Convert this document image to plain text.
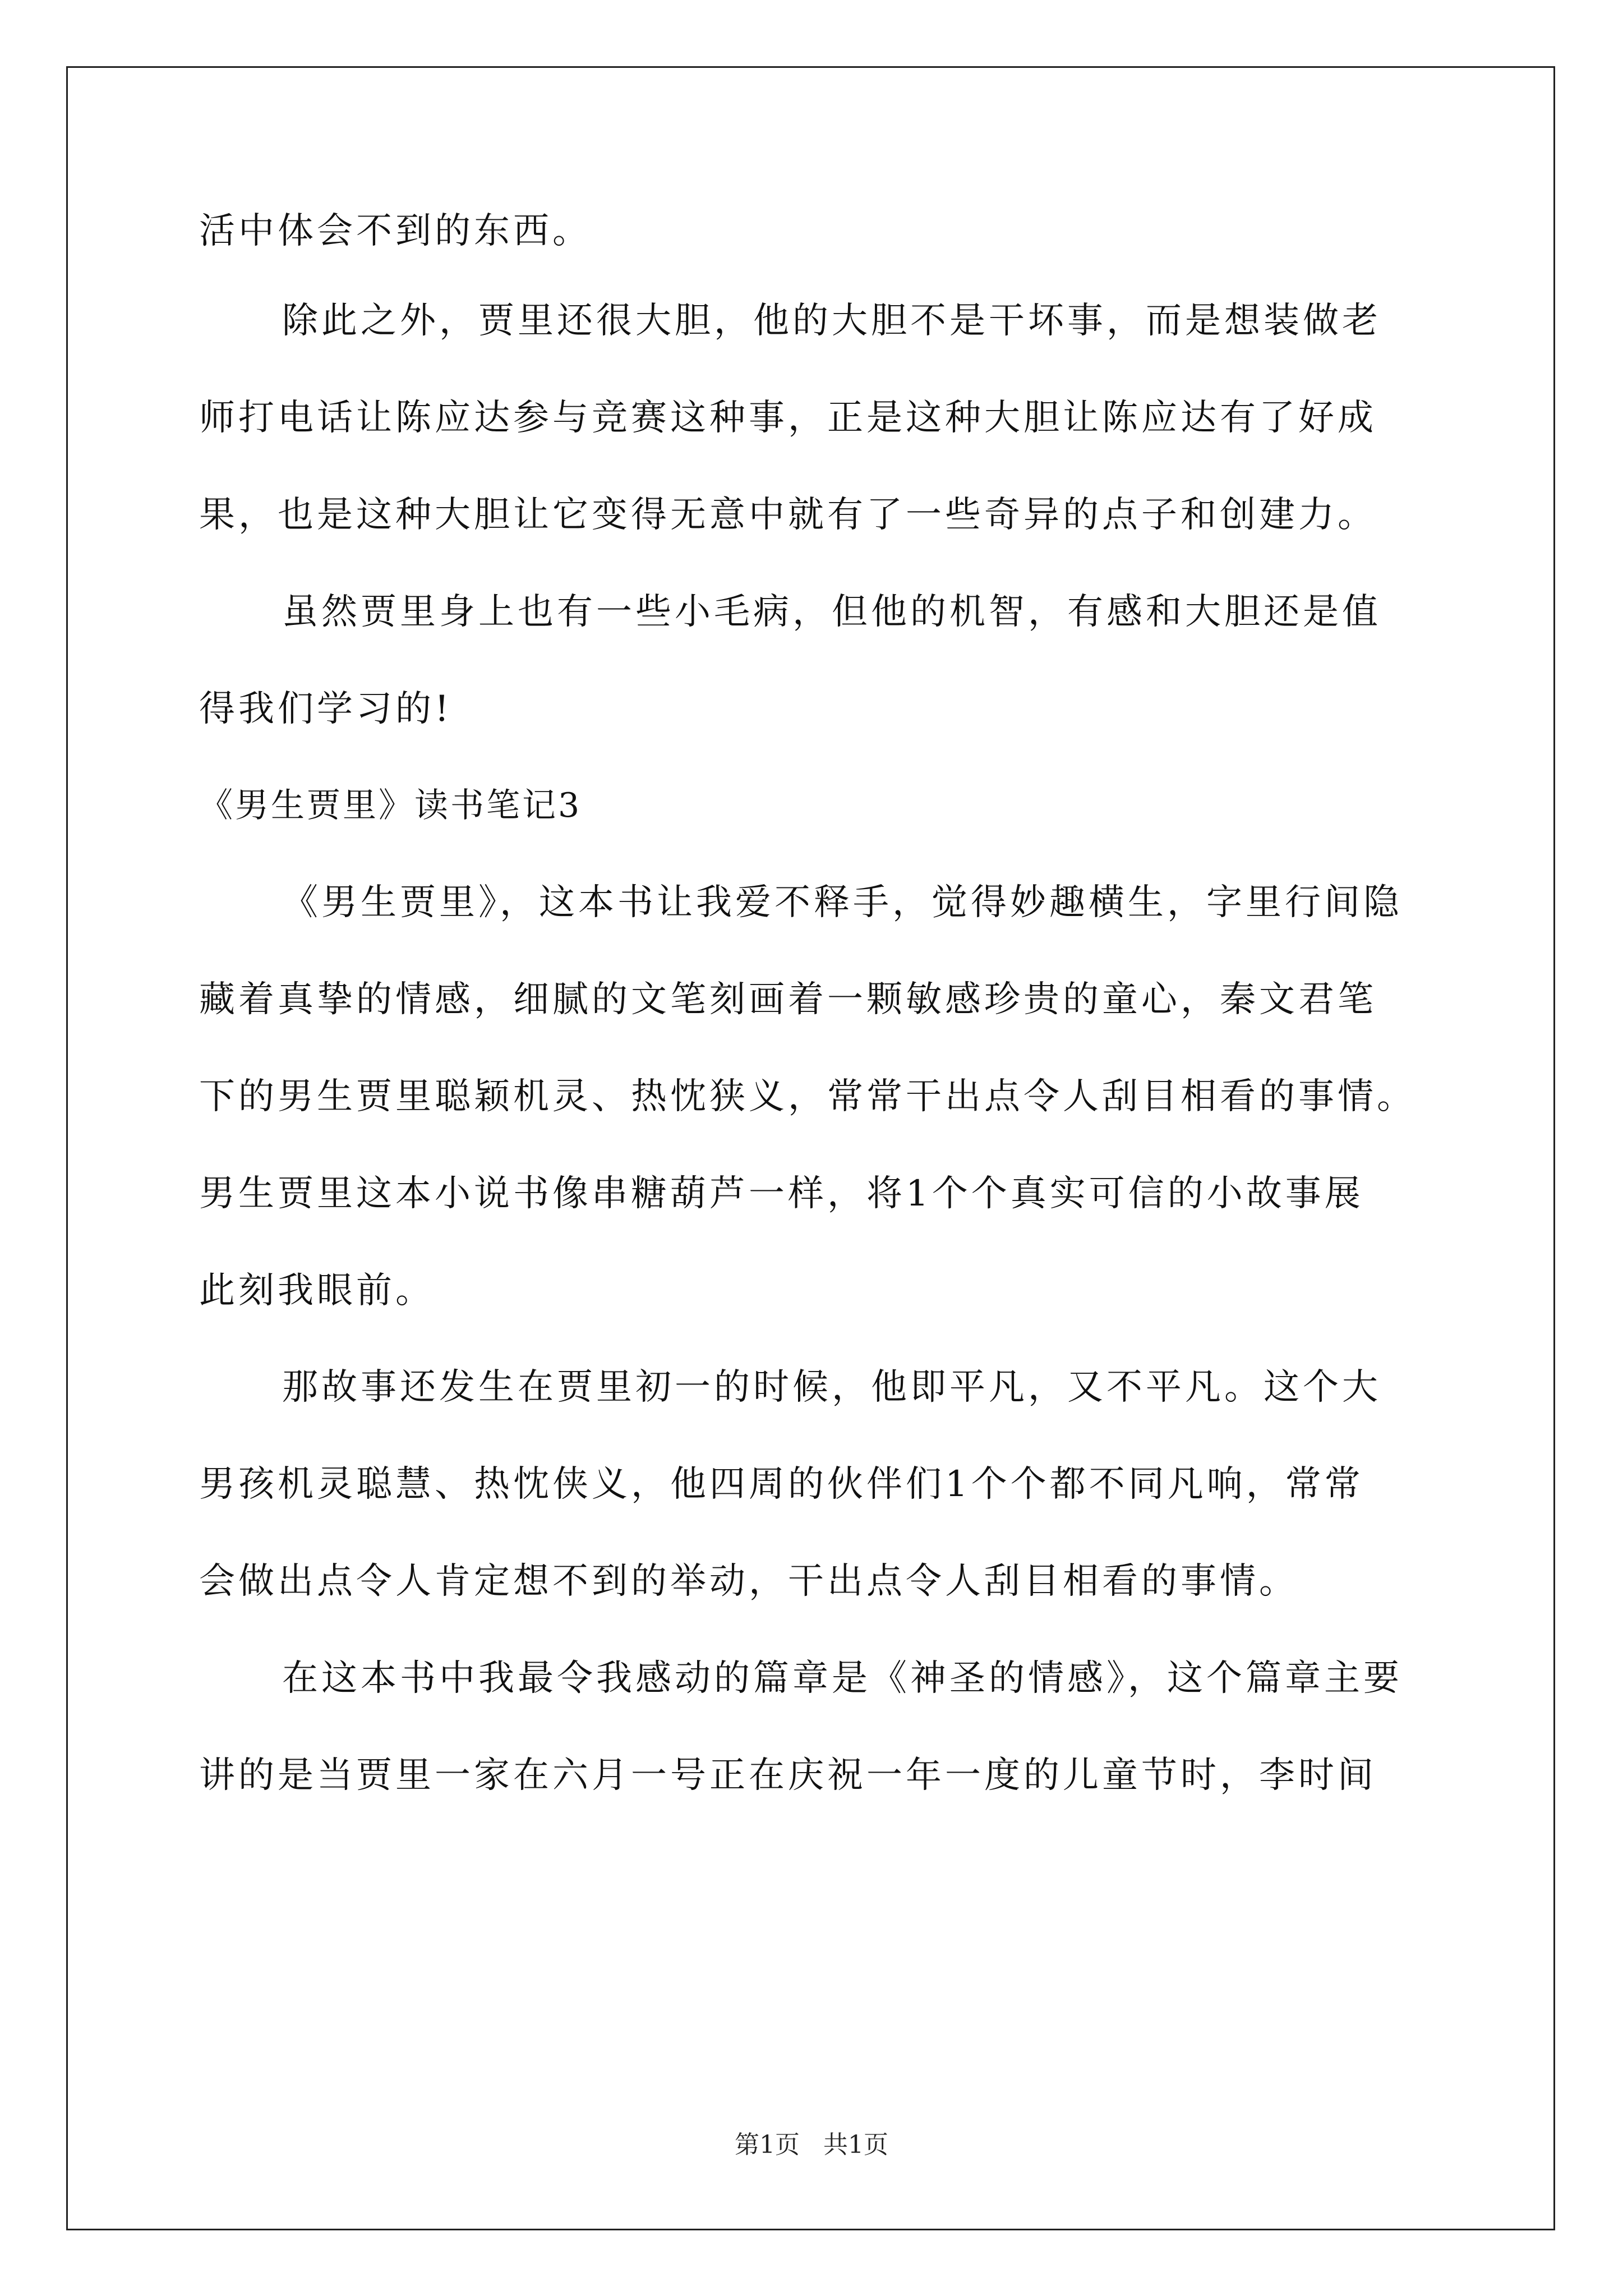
活中体会不到的东西。
除此之外，贾里还很大胆，他的大胆不是干坏事，而是想装做老
师打电话让陈应达参与竞赛这种事，正是这种大胆让陈应达有了好成
果，也是这种大胆让它变得无意中就有了一些奇异的点子和创建力。
虽然贾里身上也有一些小毛病，但他的机智，有感和大胆还是值
得我们学习的!
《男生贾里》读书笔记3
《男生贾里》，这本书让我爱不释手，觉得妙趣横生，字里行间隐
藏着真挚的情感，细腻的文笔刻画着一颗敏感珍贵的童心，秦文君笔
下的男生贾里聪颖机灵、热忱狭义，常常干出点令人刮目相看的事情。
男生贾里这本小说书像串糖葫芦一样，将1个个真实可信的小故事展
此刻我眼前。
那故事还发生在贾里初一的时候，他即平凡，又不平凡。这个大
男孩机灵聪慧、热忱侠义，他四周的伙伴们1个个都不同凡响，常常
会做出点令人肯定想不到的举动，干出点令人刮目相看的事情。
在这本书中我最令我感动的篇章是《神圣的情感》，这个篇章主要
讲的是当贾里一家在六月一号正在庆祝一年一度的儿童节时，李时间
第1页 共1页
